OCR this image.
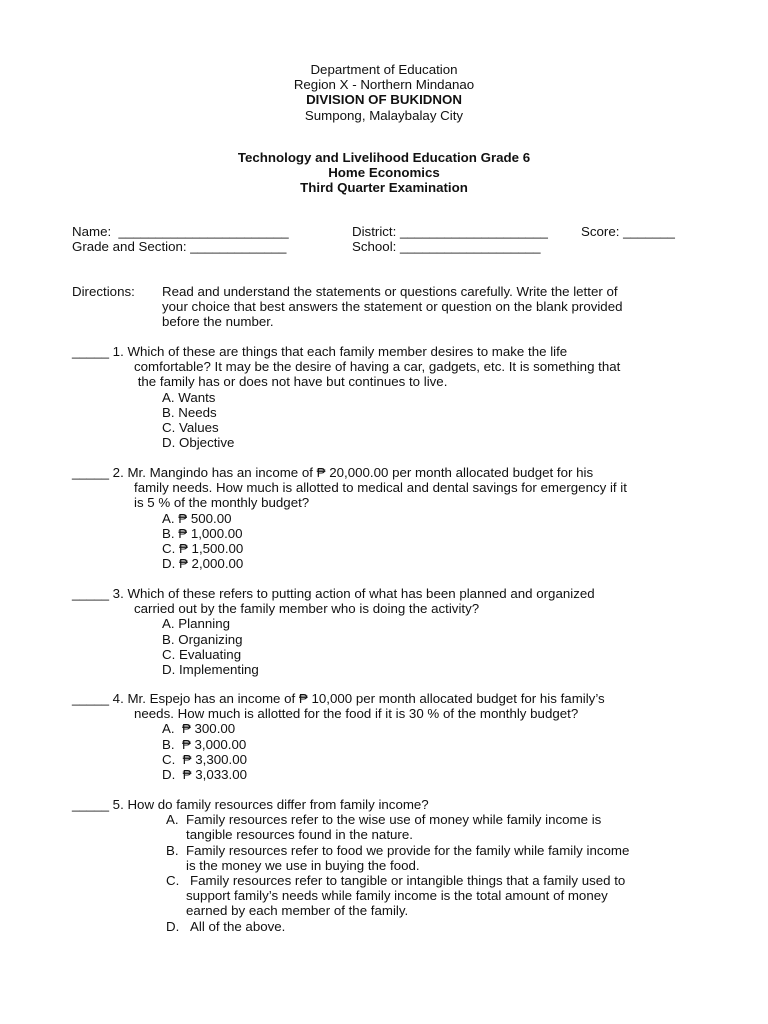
Department of Education
Region X - Northern Mindanao
DIVISION OF BUKIDNON
Sumpong, Malaybalay City
Technology and Livelihood Education Grade 6
Home Economics
Third Quarter Examination
Name:  _______________________	District: ____________________ Score: _______
Grade and Section: _____________	School: ___________________
Directions: Read and understand the statements or questions carefully. Write the letter of
your choice that best answers the statement or question on the blank provided
before the number.
_____ 1. Which of these are things that each family member desires to make the life
comfortable? It may be the desire of having a car, gadgets, etc. It is something that
the family has or does not have but continues to live.
A. Wants
B. Needs
C. Values
D. Objective
_____ 2. Mr. Mangindo has an income of ₱ 20,000.00 per month allocated budget for his
family needs. How much is allotted to medical and dental savings for emergency if it
is 5 % of the monthly budget?
A. ₱ 500.00
B. ₱ 1,000.00
C. ₱ 1,500.00
D. ₱ 2,000.00
_____ 3. Which of these refers to putting action of what has been planned and organized
carried out by the family member who is doing the activity?
A. Planning
B. Organizing
C. Evaluating
D. Implementing
_____ 4. Mr. Espejo has an income of ₱ 10,000 per month allocated budget for his family’s
needs. How much is allotted for the food if it is 30 % of the monthly budget?
A.  ₱ 300.00
B.  ₱ 3,000.00
C.  ₱ 3,300.00
D.  ₱ 3,033.00
_____ 5. How do family resources differ from family income?
A. Family resources refer to the wise use of money while family income is
tangible resources found in the nature.
B. Family resources refer to food we provide for the family while family income
is the money we use in buying the food.
C. Family resources refer to tangible or intangible things that a family used to
support family’s needs while family income is the total amount of money
earned by each member of the family.
D. All of the above.
